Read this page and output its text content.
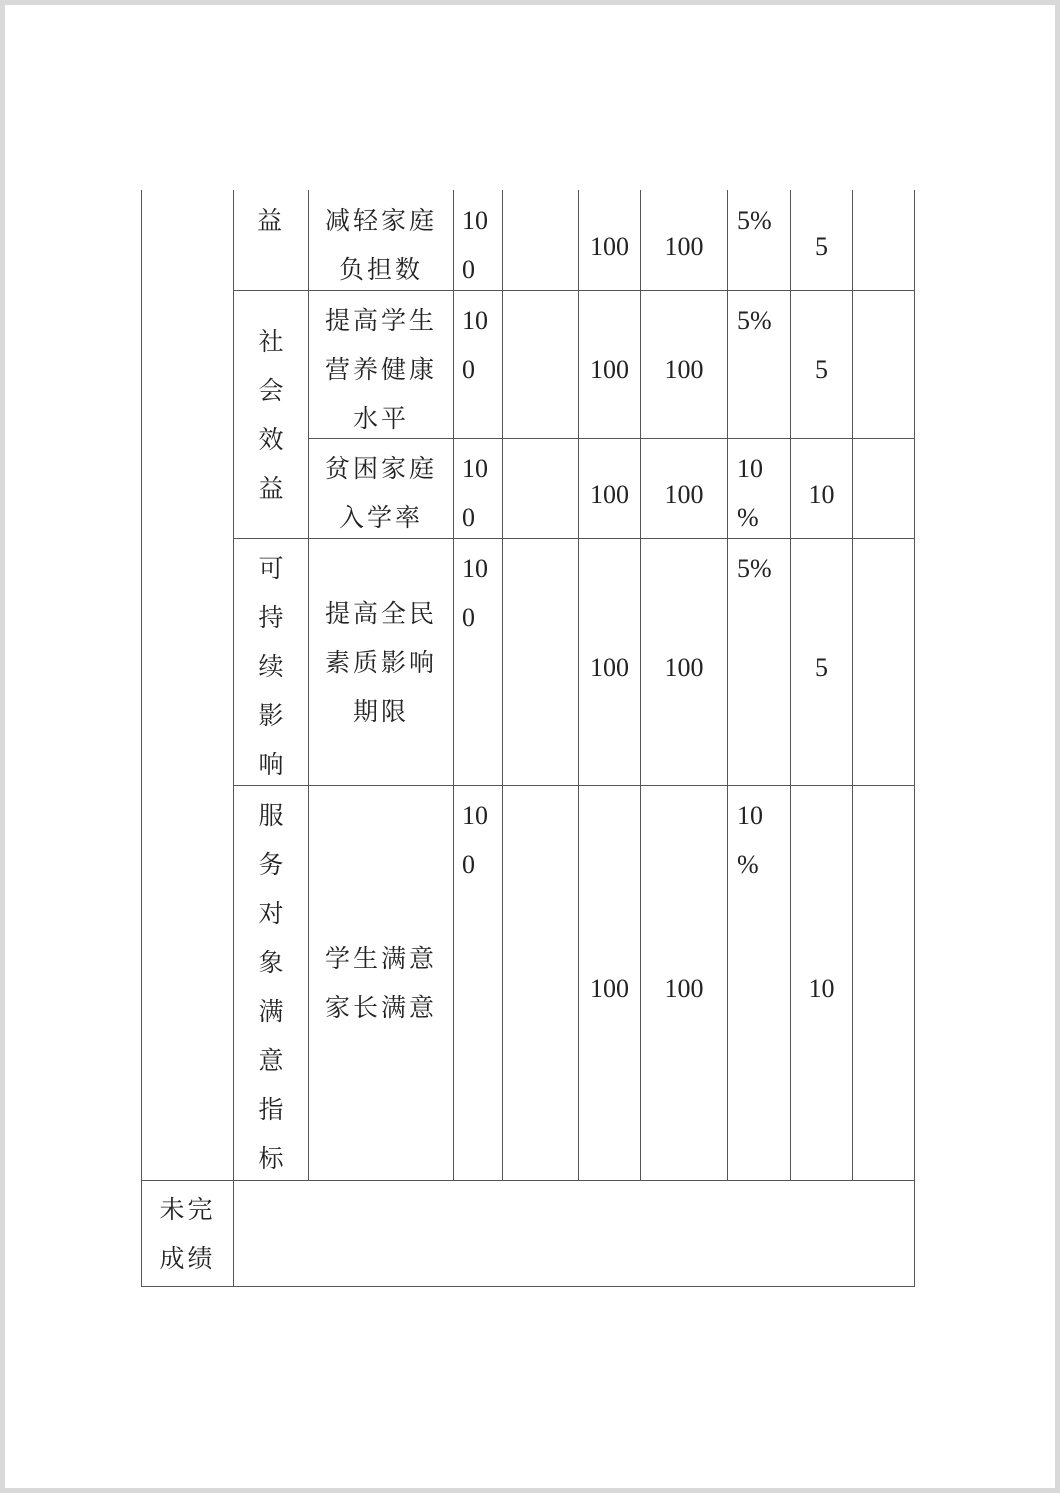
益 减轻家庭
负担数
10
0
100 100
5%
5
社
会
效
益
提高学生
营养健康
水平
10
0	100 100
5%
5
贫困家庭
入学率
10
0
100 100
10
%
10
可
持
续
影
响
提高全民
素质影响
期限
10
0
100 100
5%
5
服
务
对
象
满
意
指
标
学生满意
家长满意
10
0
100 100
10
%
10
未完
成绩
